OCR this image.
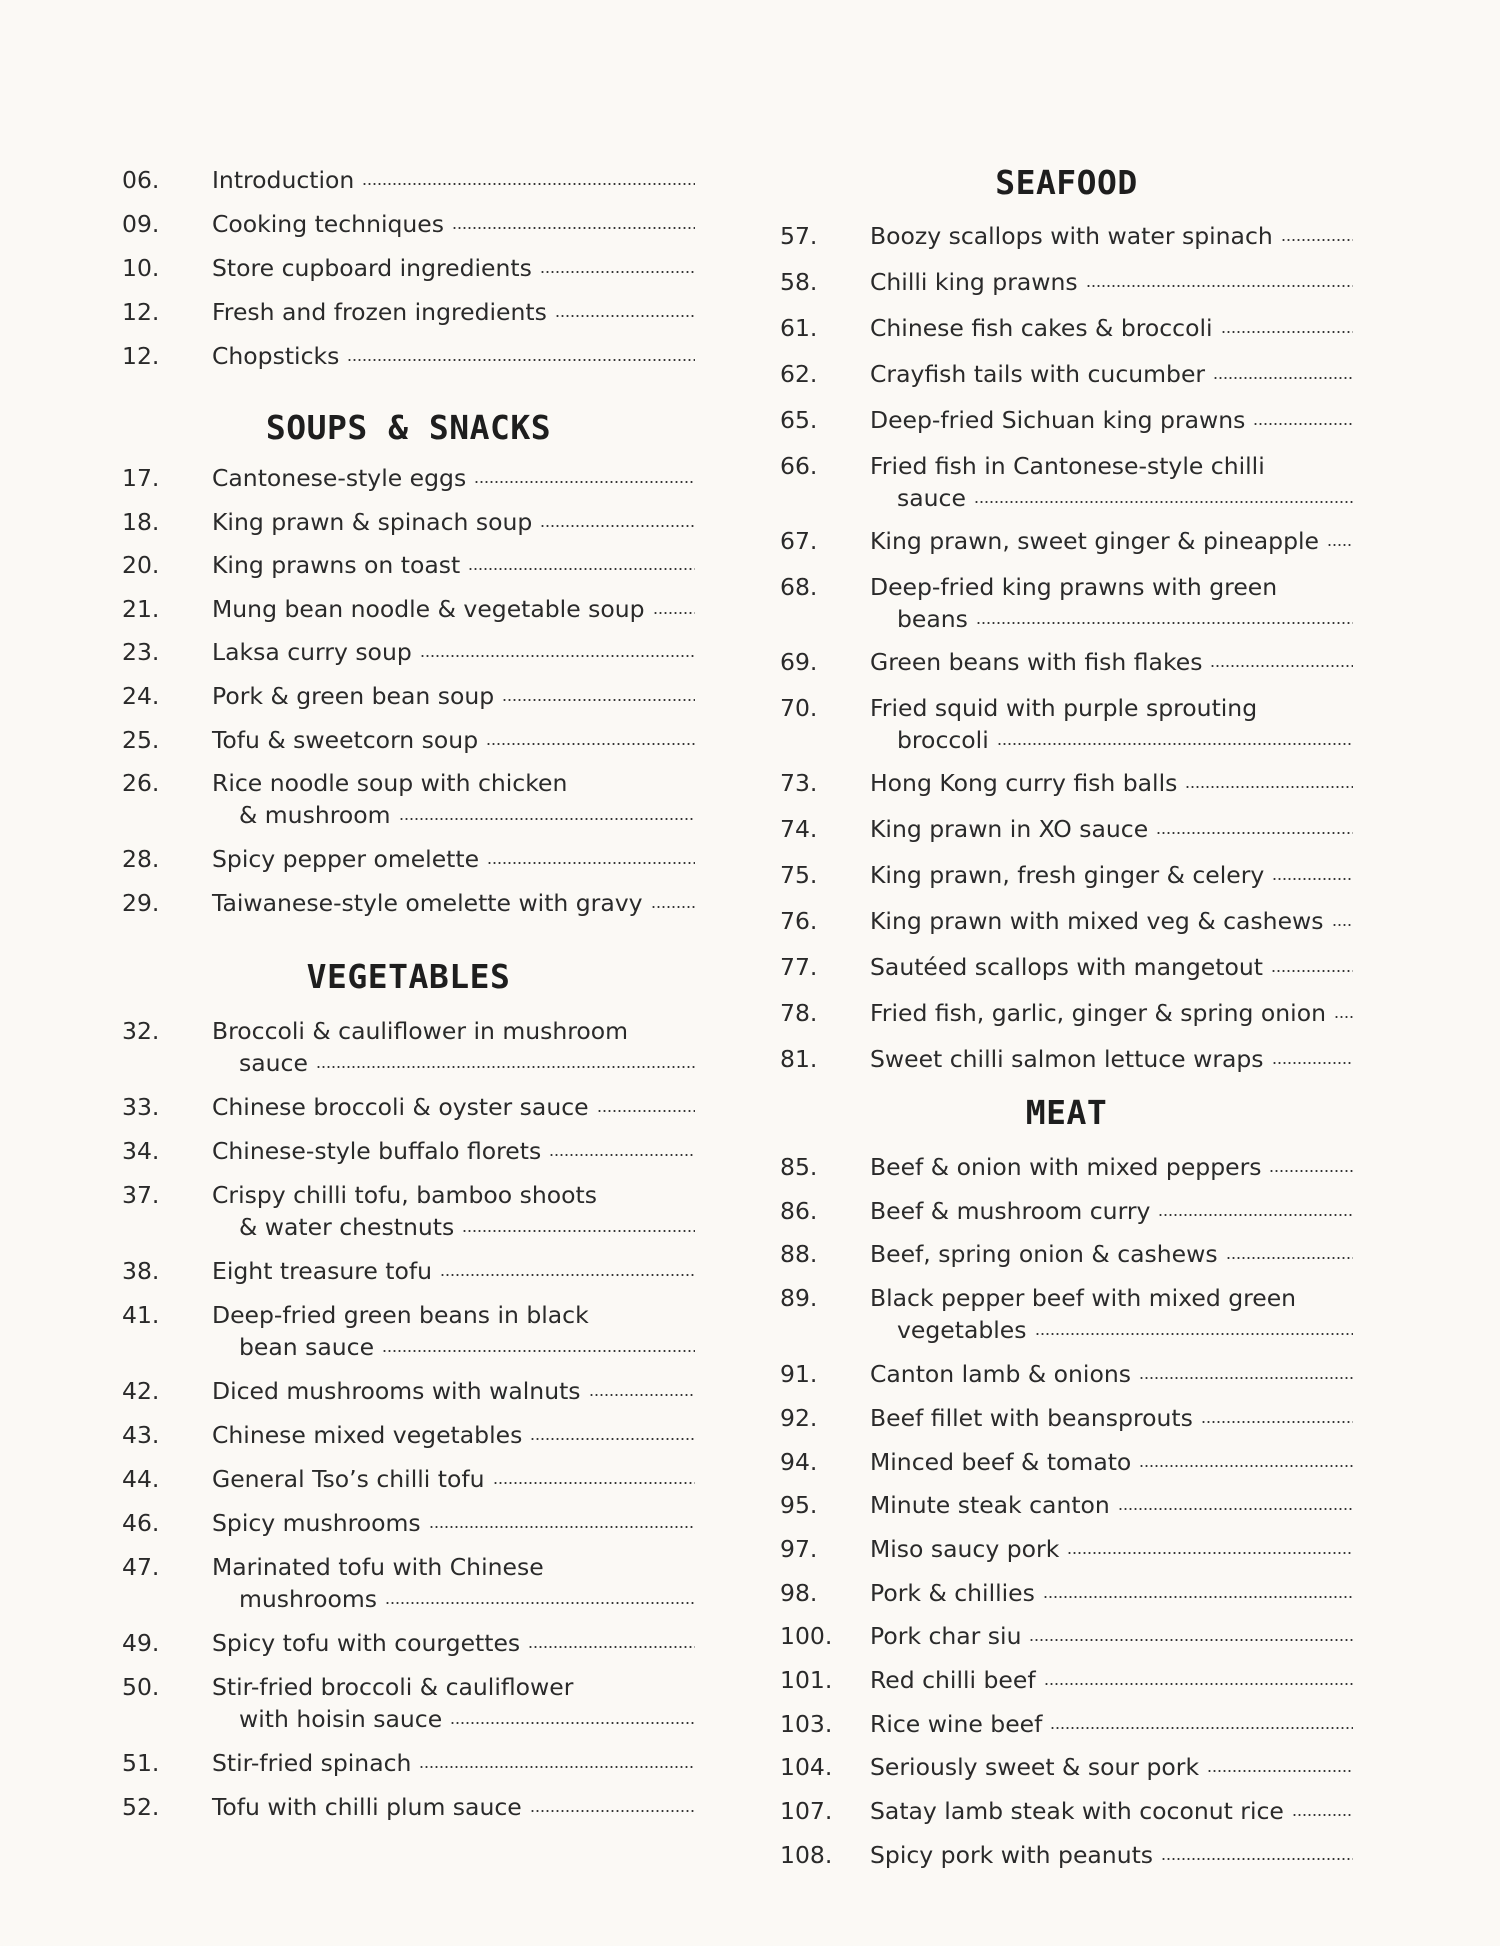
06. Introduction
09. Cooking techniques
10. Store cupboard ingredients
12. Fresh and frozen ingredients
12. Chopsticks
SOUPS & SNACKS
17. Cantonese-style eggs
18. King prawn & spinach soup
20. King prawns on toast
21. Mung bean noodle & vegetable soup
23. Laksa curry soup
24. Pork & green bean soup
25. Tofu & sweetcorn soup
26. Rice noodle soup with chicken
& mushroom
28. Spicy pepper omelette
29. Taiwanese-style omelette with gravy
VEGETABLES
32. Broccoli & cauliflower in mushroom
sauce
33. Chinese broccoli & oyster sauce
34. Chinese-style buffalo florets
37. Crispy chilli tofu, bamboo shoots
& water chestnuts
38. Eight treasure tofu
41. Deep-fried green beans in black
bean sauce
42. Diced mushrooms with walnuts
43. Chinese mixed vegetables
44. General Tso’s chilli tofu
46. Spicy mushrooms
47. Marinated tofu with Chinese
mushrooms
49. Spicy tofu with courgettes
50. Stir-fried broccoli & cauliflower
with hoisin sauce
51. Stir-fried spinach
52. Tofu with chilli plum sauce
SEAFOOD
57. Boozy scallops with water spinach
58. Chilli king prawns
61. Chinese fish cakes & broccoli
62. Crayfish tails with cucumber
65. Deep-fried Sichuan king prawns
66. Fried fish in Cantonese-style chilli
sauce
67. King prawn, sweet ginger & pineapple
68. Deep-fried king prawns with green
beans
69. Green beans with fish flakes
70. Fried squid with purple sprouting
broccoli
73. Hong Kong curry fish balls
74. King prawn in XO sauce
75. King prawn, fresh ginger & celery
76. King prawn with mixed veg & cashews
77. Sautéed scallops with mangetout
78. Fried fish, garlic, ginger & spring onion
81. Sweet chilli salmon lettuce wraps
MEAT
85. Beef & onion with mixed peppers
86. Beef & mushroom curry
88. Beef, spring onion & cashews
89. Black pepper beef with mixed green
vegetables
91. Canton lamb & onions
92. Beef fillet with beansprouts
94. Minced beef & tomato
95. Minute steak canton
97. Miso saucy pork
98. Pork & chillies
100. Pork char siu
101. Red chilli beef
103. Rice wine beef
104. Seriously sweet & sour pork
107. Satay lamb steak with coconut rice
108. Spicy pork with peanuts
